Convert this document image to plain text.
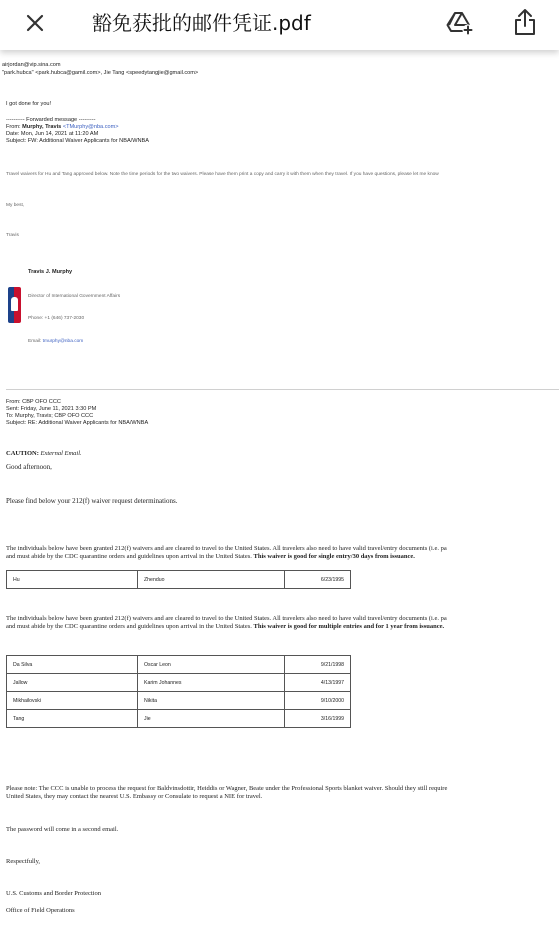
豁免获批的邮件凭证.pdf
airjordan@vip.sina.com
"park.hubca" <park.hubca@gamil.com>, Jie Tang <speedytangjie@gmail.com>
I got done for you!
---------- Forwarded message ---------
From: Murphy, Travis <TMurphy@nba.com>
Date: Mon, Jun 14, 2021 at 11:20 AM
Subject: FW: Additional Waiver Applicants for NBA/WNBA
Travel waivers for Hu and Tang approved below. Note the time periods for the two waivers. Please have them print a copy and carry it with them when they travel. If you have questions, please let me know
My best,
Travis
Travis J. Murphy
Director of International Government Affairs
Phone: +1 (646) 737-2030
Email: tmurphy@nba.com
From: CBP OFO CCC
Sent: Friday, June 11, 2021 3:30 PM
To: Murphy, Travis; CBP OFO CCC
Subject: RE: Additional Waiver Applicants for NBA/WNBA
CAUTION: External Email.
Good afternoon,
Please find below your 212(f) waiver request determinations.
The individuals below have been granted 212(f) waivers and are cleared to travel to the United States. All travelers also need to have valid travel/entry documents (i.e. pa
and must abide by the CDC quarantine orders and guidelines upon arrival in the United States. This waiver is good for single entry/30 days from issuance.
Hu	Zhenduo	6/23/1995
The individuals below have been granted 212(f) waivers and are cleared to travel to the United States. All travelers also need to have valid travel/entry documents (i.e. pa
and must abide by the CDC quarantine orders and guidelines upon arrival in the United States. This waiver is good for multiple entries and for 1 year from issuance.
Da Silva	Oscar Leon	9/21/1998
Jallow	Karim Johannes	4/13/1997
Mikhailovski	Nikita	9/10/2000
Tang	Jie	3/16/1999
Please note: The CCC is unable to process the request for Baldvinsdottir, Heiddis or Wagner, Beate under the Professional Sports blanket waiver. Should they still require
United States, they may contact the nearest U.S. Embassy or Consulate to request a NIE for travel.
The password will come in a second email.
Respectfully,
U.S. Customs and Border Protection
Office of Field Operations
